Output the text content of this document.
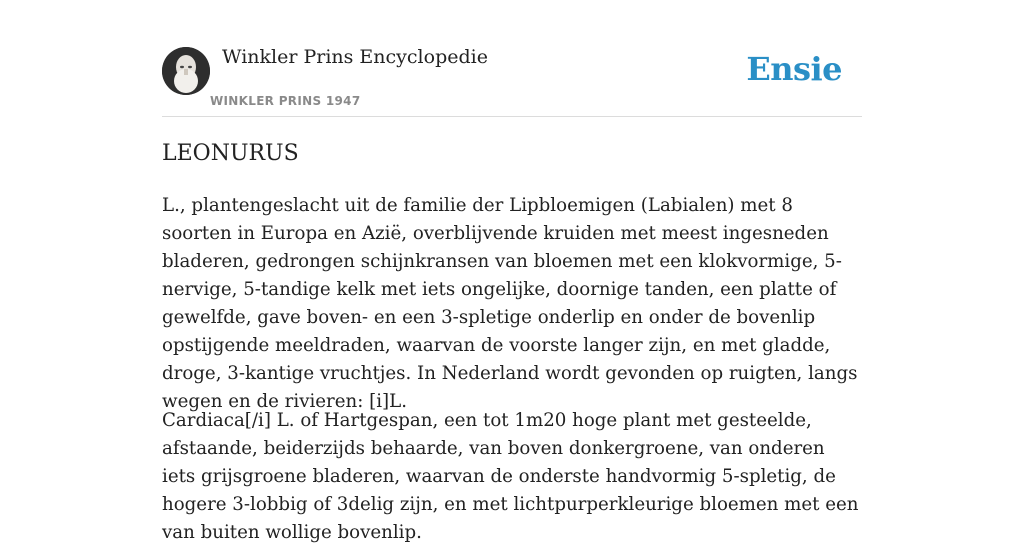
Winkler Prins Encyclopedie
WINKLER PRINS 1947
Ensie
LEONURUS

L., plantengeslacht uit de familie der Lipbloemigen (Labialen) met 8 soorten in Europa en Azië, overblijvende kruiden met meest ingesneden bladeren, gedrongen schijnkransen van bloemen met een klokvormige, 5-nervige, 5-tandige kelk met iets ongelijke, doornige tanden, een platte of gewelfde, gave boven- en een 3-spletige onderlip en onder de bovenlip opstijgende meeldraden, waarvan de voorste langer zijn, en met gladde, droge, 3-kantige vruchtjes. In Nederland wordt gevonden op ruigten, langs wegen en de rivieren: [i]L.

Cardiaca[/i] L. of Hartgespan, een tot 1m20 hoge plant met gesteelde, afstaande, beiderzijds behaarde, van boven donkergroene, van onderen iets grijsgroene bladeren, waarvan de onderste handvormig 5-spletig, de hogere 3-lobbig of 3delig zijn, en met lichtpurperkleurige bloemen met een van buiten wollige bovenlip.
